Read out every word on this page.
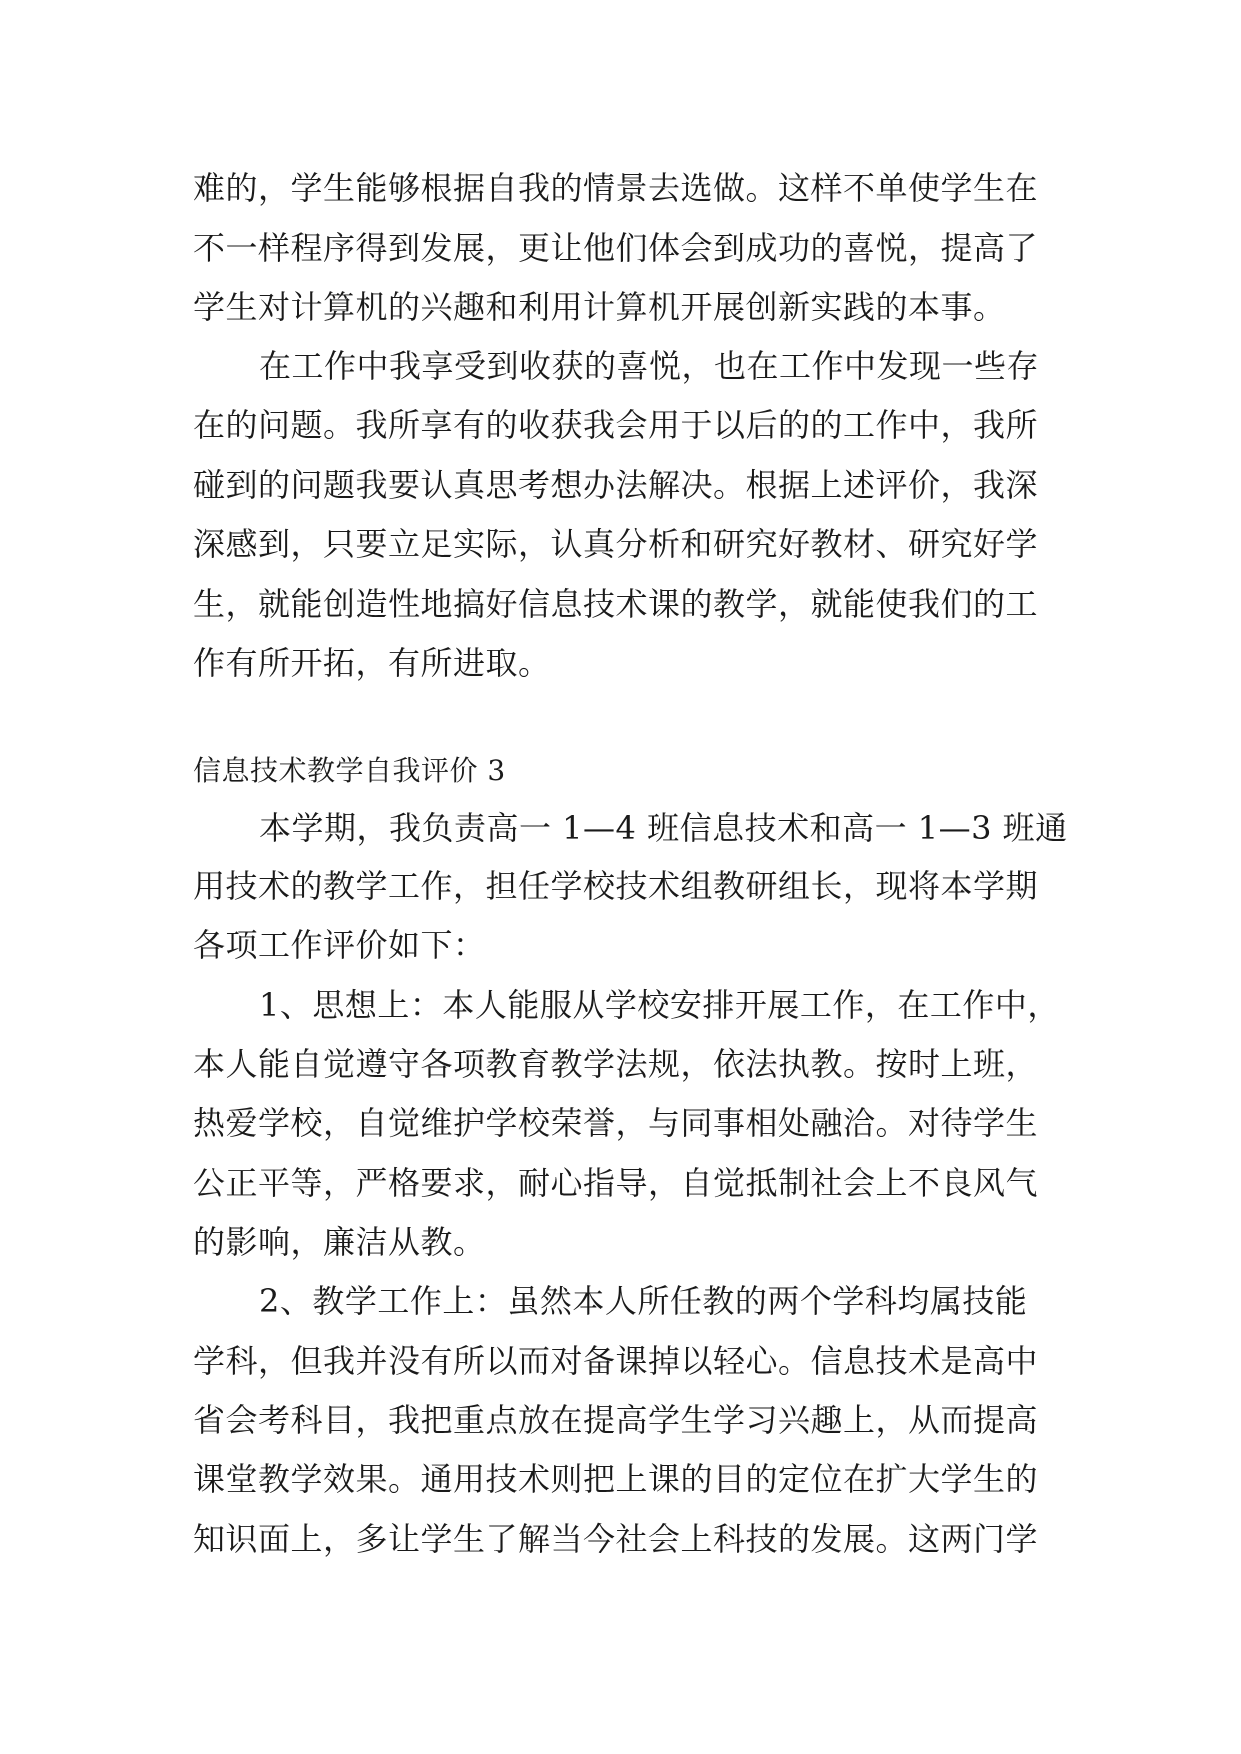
难的，学生能够根据自我的情景去选做。这样不单使学生在
不一样程序得到发展，更让他们体会到成功的喜悦，提高了
学生对计算机的兴趣和利用计算机开展创新实践的本事。
在工作中我享受到收获的喜悦，也在工作中发现一些存
在的问题。我所享有的收获我会用于以后的的工作中，我所
碰到的问题我要认真思考想办法解决。根据上述评价，我深
深感到，只要立足实际，认真分析和研究好教材、研究好学
生，就能创造性地搞好信息技术课的教学，就能使我们的工
作有所开拓，有所进取。
信息技术教学自我评价 3
本学期，我负责高一 1—4 班信息技术和高一 1—3 班通
用技术的教学工作，担任学校技术组教研组长，现将本学期
各项工作评价如下：
1、思想上：本人能服从学校安排开展工作，在工作中，
本人能自觉遵守各项教育教学法规，依法执教。按时上班，
热爱学校，自觉维护学校荣誉，与同事相处融洽。对待学生
公正平等，严格要求，耐心指导，自觉抵制社会上不良风气
的影响，廉洁从教。
2、教学工作上：虽然本人所任教的两个学科均属技能
学科，但我并没有所以而对备课掉以轻心。信息技术是高中
省会考科目，我把重点放在提高学生学习兴趣上，从而提高
课堂教学效果。通用技术则把上课的目的定位在扩大学生的
知识面上，多让学生了解当今社会上科技的发展。这两门学
